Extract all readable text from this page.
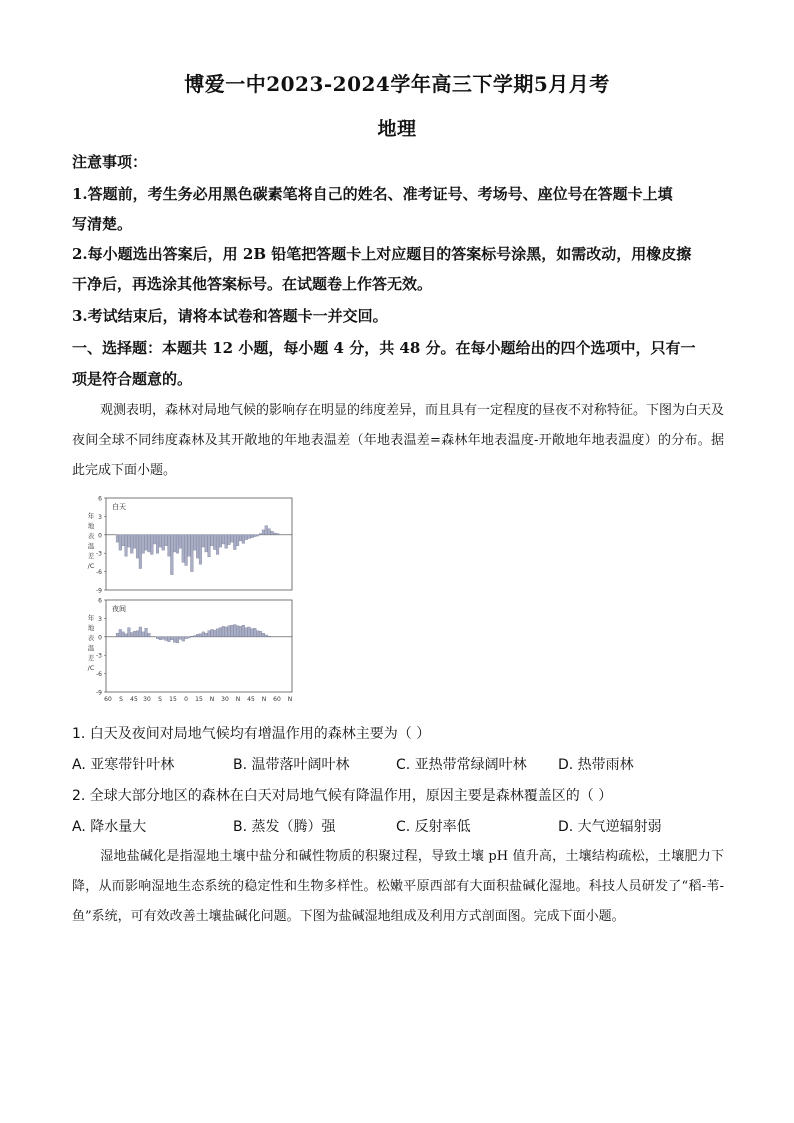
博爱一中2023-2024学年高三下学期5月月考
地理
注意事项：
1.答题前，考生务必用黑色碳素笔将自己的姓名、准考证号、考场号、座位号在答题卡上填
写清楚。
2.每小题选出答案后，用 2B 铅笔把答题卡上对应题目的答案标号涂黑，如需改动，用橡皮擦
干净后，再选涂其他答案标号。在试题卷上作答无效。
3.考试结束后，请将本试卷和答题卡一并交回。
一、选择题：本题共 12 小题，每小题 4 分，共 48 分。在每小题给出的四个选项中，只有一
项是符合题意的。
观测表明，森林对局地气候的影响存在明显的纬度差异，而且具有一定程度的昼夜不对称特征。下图为白天及夜间全球不同纬度森林及其开敞地的年地表温差（年地表温差=森林年地表温度-开敞地年地表温度）的分布。据此完成下面小题。
6
3
0
-3
-6
-9
年
地
表
温
差
/C
白天
6
3
0
-3
-6
-9
年
地
表
温
差
/C
夜间
60 S 45 30 S 15 0 15 N 30 N 45 N 60 N
1. 白天及夜间对局地气候均有增温作用的森林主要为（ ）
A. 亚寒带针叶林	B. 温带落叶阔叶林	C. 亚热带常绿阔叶林 D. 热带雨林
2. 全球大部分地区的森林在白天对局地气候有降温作用，原因主要是森林覆盖区的（ ）
A. 降水量大	B. 蒸发（腾）强	C. 反射率低	D. 大气逆辐射弱
湿地盐碱化是指湿地土壤中盐分和碱性物质的积聚过程，导致土壤 pH 值升高，土壤结构疏松，土壤肥力下降，从而影响湿地生态系统的稳定性和生物多样性。松嫩平原西部有大面积盐碱化湿地。科技人员研发了“稻-苇-鱼”系统，可有效改善土壤盐碱化问题。下图为盐碱湿地组成及利用方式剖面图。完成下面小题。
